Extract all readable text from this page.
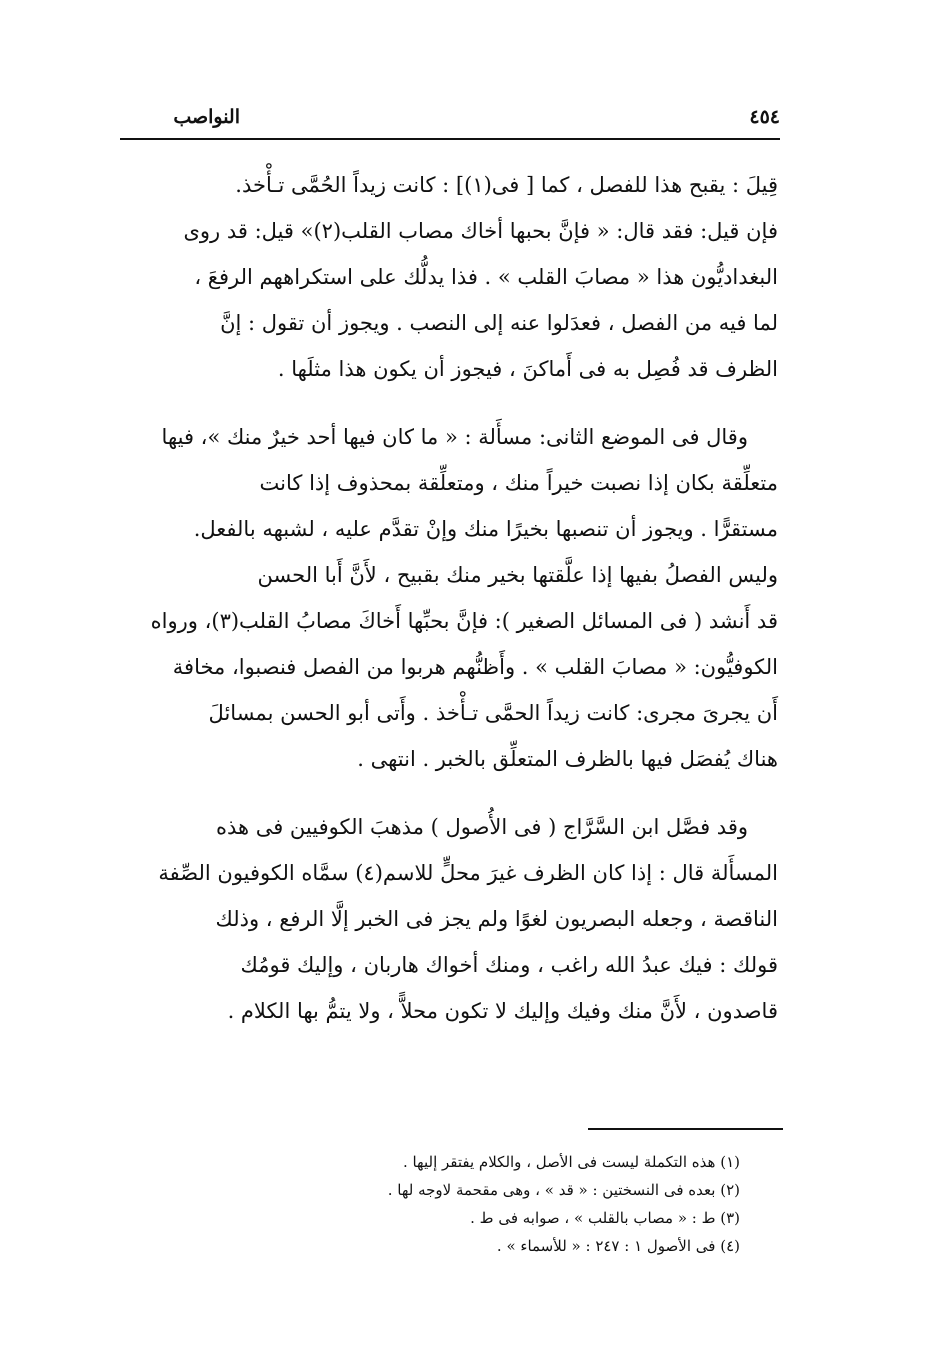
النواصب	٤٥٤

قِيلَ : يقبح هذا للفصل ، كما [ فى(١)] : كانت زيداً الحُمَّى تـأْخذ.

فإن قيل: فقد قال: « فإنَّ بحبها أخاك مصاب القلب(٢)» قيل: قد روى

البغداديُّون هذا « مصابَ القلب » . فذا يدلُّك على استكراههم الرفعَ ،

لما فيه من الفصل ، فعدَلوا عنه إلى النصب . ويجوز أن تقول : إنَّ

الظرف قد فُصِل به فى أَماكنَ ، فيجوز أن يكون هذا مثلَها .

وقال فى الموضع الثانى: مسأَلة : « ما كان فيها أحد خيرٌ منك »، فيها

متعلِّقة بكان إذا نصبت خيراً منك ، ومتعلِّقة بمحذوف إذا كانت

مستقرًّا . ويجوز أن تنصبها بخيرًا منك وإنْ تقدَّم عليه ، لشبهه بالفعل.

وليس الفصلُ بفيها إذا علَّقتها بخير منك بقبيح ، لأَنَّ أَبا الحسن

قد أَنشد ( فى المسائل الصغير ): فإنَّ بحبِّها أَخاكَ مصابُ القلب(٣)، ورواه

الكوفيُّون: « مصابَ القلب » . وأَظنُّهم هربوا من الفصل فنصبوا، مخافة

أَن يجرىَ مجرى: كانت زيداً الحمَّى تـأْخذ . وأَتى أبو الحسن بمسائلَ

هناك يُفصَل فيها بالظرف المتعلِّق بالخبر . انتهى .

وقد فصَّل ابن السَّرَّاج ( فى الأُصول ) مذهبَ الكوفيين فى هذه

المسأَلة قال : إذا كان الظرف غيرَ محلٍّ للاسم(٤) سمَّاه الكوفيون الصِّفة

الناقصة ، وجعله البصريون لغوًا ولم يجز فى الخبر إلَّا الرفع ، وذلك

قولك : فيك عبدُ الله راغب ، ومنك أخواك هاربان ، وإليك قومُك

قاصدون ، لأَنَّ منك وفيك وإليك لا تكون محلاًّ ، ولا يتمُّ بها الكلام .

(١) هذه التكملة ليست فى الأصل ، والكلام يفتقر إليها .
(٢) بعده فى النسختين : « قد » ، وهى مقحمة لاوجه لها .
(٣) ط : « مصاب بالقلب » ، صوابه فى ط .
(٤) فى الأصول ١ : ٢٤٧ : « للأسماء » .
